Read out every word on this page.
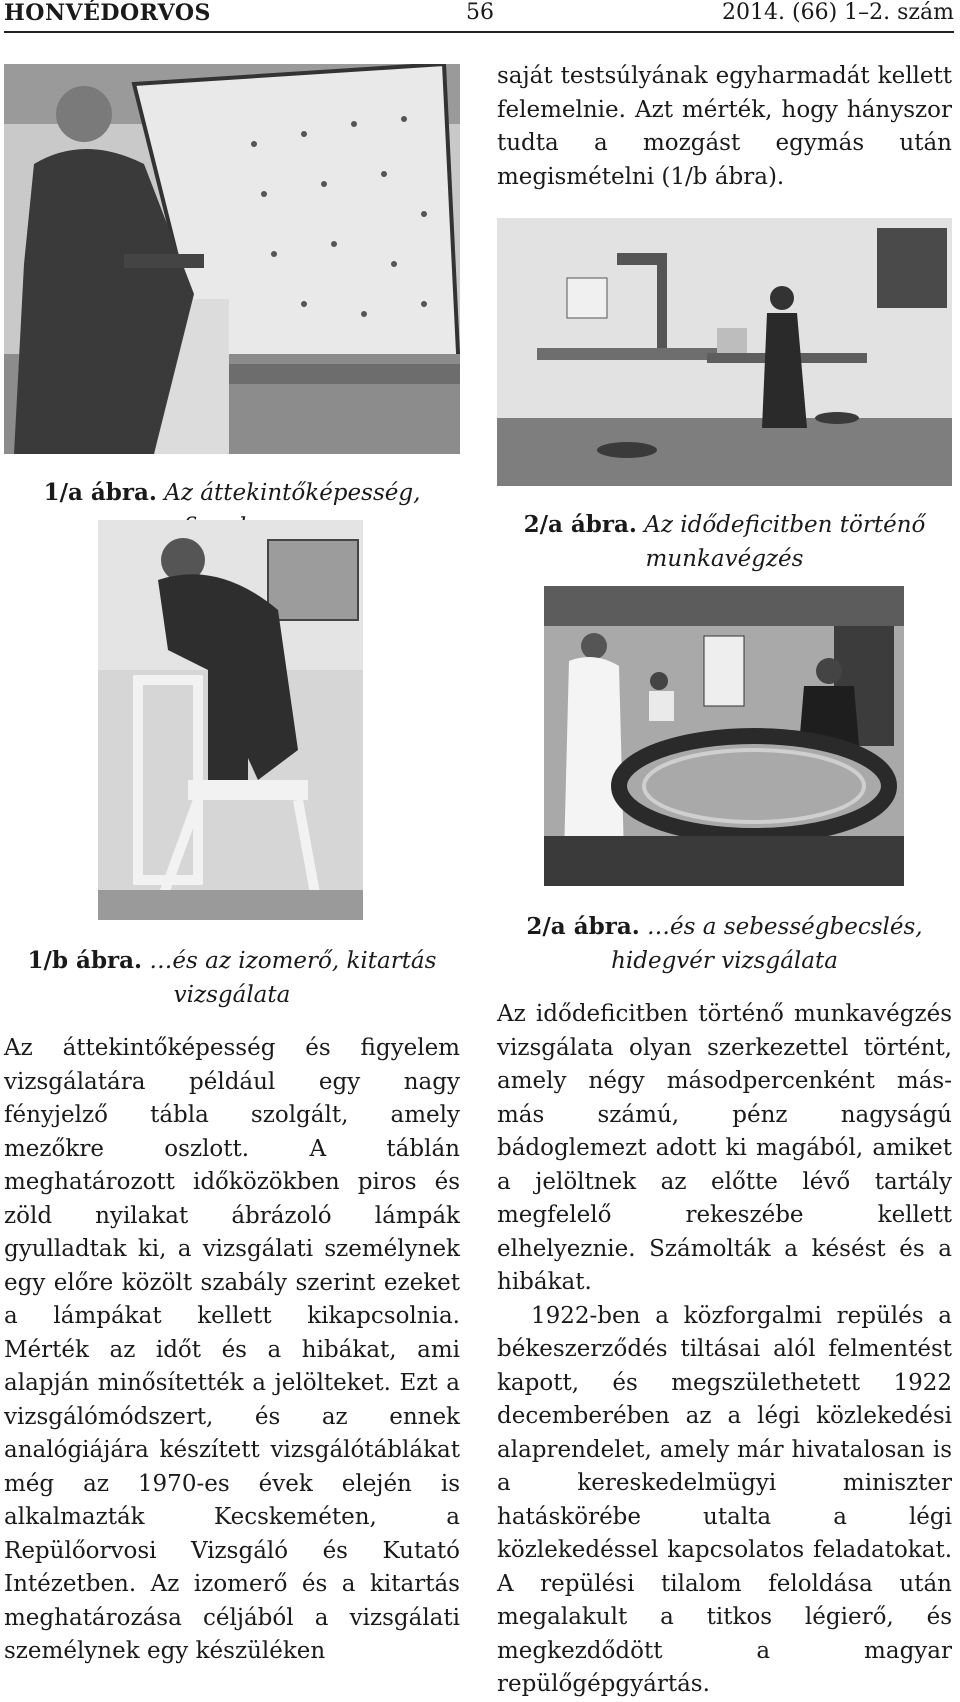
HONVÉDORVOS	56	2014. (66) 1–2. szám
1/a ábra. Az áttekintőképesség,
1/b ábra. …és az izomerő, kitartás vizsgálata

Az áttekintőképesség és figyelem vizsgálatára például egy nagy fényjelző tábla szolgált, amely mezőkre oszlott. A táblán meghatározott időközökben piros és zöld nyilakat ábrázoló lámpák gyulladtak ki, a vizsgálati személynek egy előre közölt szabály szerint ezeket a lámpákat kellett kikapcsolnia. Mérték az időt és a hibákat, ami alapján minősítették a jelölteket. Ezt a vizsgálómódszert, és az ennek analógiájára készített vizsgálótáblákat még az 1970-es évek elején is alkalmazták Kecskeméten, a Repülőorvosi Vizsgáló és Kutató Intézetben. Az izomerő és a kitartás meghatározása céljából a vizsgálati személynek egy készüléken

saját testsúlyának egyharmadát kellett felemelnie. Azt mérték, hogy hányszor tudta a mozgást egymás után megismételni (1/b ábra).

2/a ábra. Az idődeficitben történő munkavégzés
2/a ábra. …és a sebességbecslés, hidegvér vizsgálata

Az idődeficitben történő munkavégzés vizsgálata olyan szerkezettel történt, amely négy másodpercenként más-más számú, pénz nagyságú bádoglemezt adott ki magából, amiket a jelöltnek az előtte lévő tartály megfelelő rekeszébe kellett elhelyeznie. Számolták a késést és a hibákat.

1922-ben a közforgalmi repülés a békeszerződés tiltásai alól felmentést kapott, és megszülethetett 1922 decemberében az a légi közlekedési alaprendelet, amely már hivatalosan is a kereskedelmügyi miniszter hatáskörébe utalta a légi közlekedéssel kapcsolatos feladatokat. A repülési tilalom feloldása után megalakult a titkos légierő, és megkezdődött a magyar repülőgépgyártás.
